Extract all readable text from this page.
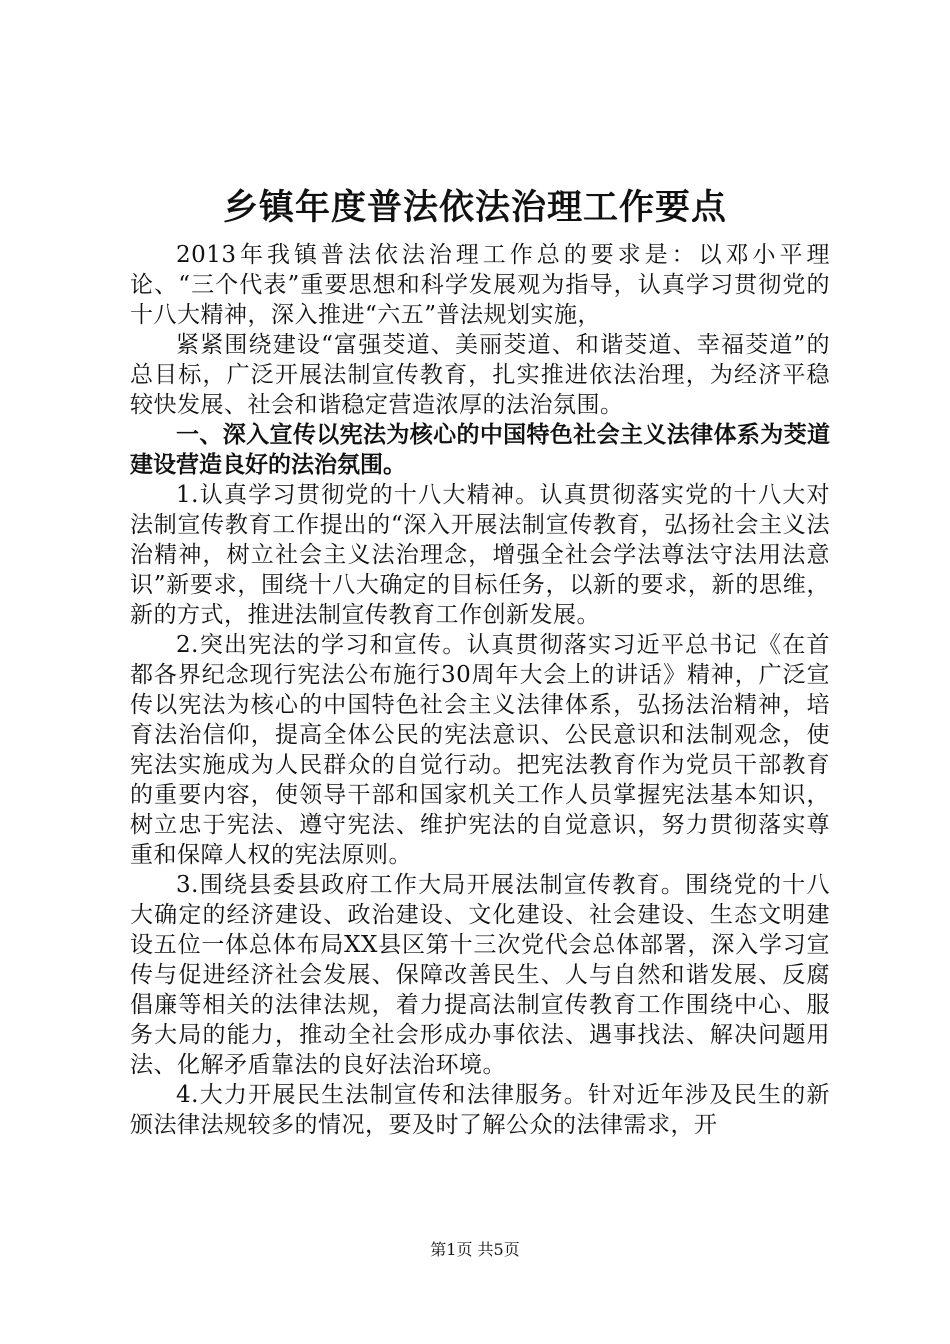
乡镇年度普法依法治理工作要点

2013年我镇普法依法治理工作总的要求是：以邓小平理论、“三个代表”重要思想和科学发展观为指导，认真学习贯彻党的十八大精神，深入推进“六五”普法规划实施，

紧紧围绕建设“富强茭道、美丽茭道、和谐茭道、幸福茭道”的总目标，广泛开展法制宣传教育，扎实推进依法治理，为经济平稳较快发展、社会和谐稳定营造浓厚的法治氛围。

一、深入宣传以宪法为核心的中国特色社会主义法律体系为茭道建设营造良好的法治氛围。

1.认真学习贯彻党的十八大精神。认真贯彻落实党的十八大对法制宣传教育工作提出的“深入开展法制宣传教育，弘扬社会主义法治精神，树立社会主义法治理念，增强全社会学法尊法守法用法意识”新要求，围绕十八大确定的目标任务，以新的要求，新的思维，新的方式，推进法制宣传教育工作创新发展。

2.突出宪法的学习和宣传。认真贯彻落实习近平总书记《在首都各界纪念现行宪法公布施行30周年大会上的讲话》精神，广泛宣传以宪法为核心的中国特色社会主义法律体系，弘扬法治精神，培育法治信仰，提高全体公民的宪法意识、公民意识和法制观念，使宪法实施成为人民群众的自觉行动。把宪法教育作为党员干部教育的重要内容，使领导干部和国家机关工作人员掌握宪法基本知识，树立忠于宪法、遵守宪法、维护宪法的自觉意识，努力贯彻落实尊重和保障人权的宪法原则。

3.围绕县委县政府工作大局开展法制宣传教育。围绕党的十八大确定的经济建设、政治建设、文化建设、社会建设、生态文明建设五位一体总体布局XX县区第十三次党代会总体部署，深入学习宣传与促进经济社会发展、保障改善民生、人与自然和谐发展、反腐倡廉等相关的法律法规，着力提高法制宣传教育工作围绕中心、服务大局的能力，推动全社会形成办事依法、遇事找法、解决问题用法、化解矛盾靠法的良好法治环境。

4.大力开展民生法制宣传和法律服务。针对近年涉及民生的新颁法律法规较多的情况，要及时了解公众的法律需求，开

第1页 共5页
